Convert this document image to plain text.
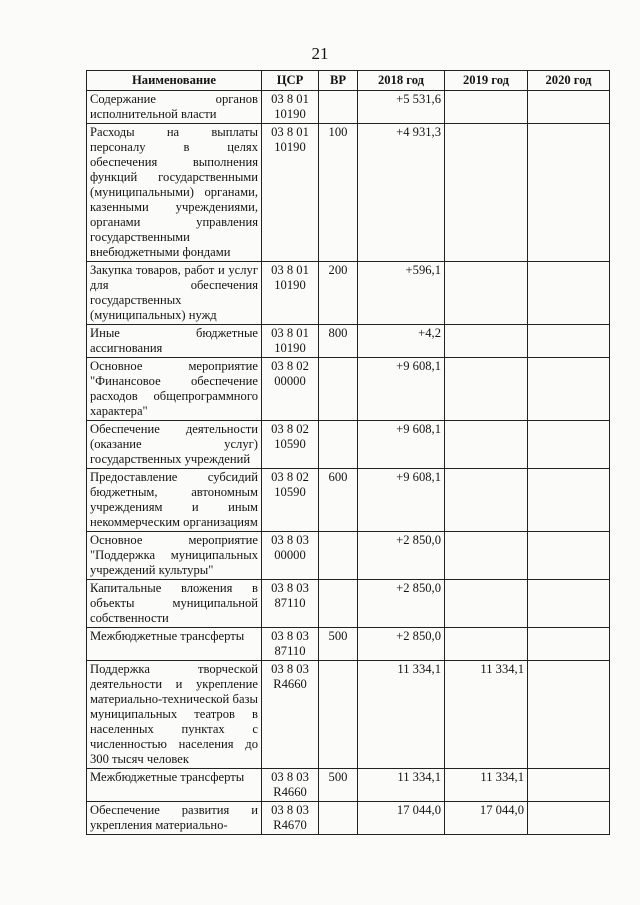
21
Наименование	ЦСР	ВР	2018 год	2019 год	2020 год
Содержание органов исполнительной власти	03 8 01 10190		+5 531,6		
Расходы на выплаты персоналу в целях обеспечения выполнения функций государственными (муниципальными) органами, казенными учреждениями, органами управления государственными внебюджетными фондами	03 8 01 10190	100	+4 931,3		
Закупка товаров, работ и услуг для обеспечения государственных (муниципальных) нужд	03 8 01 10190	200	+596,1		
Иные бюджетные ассигнования	03 8 01 10190	800	+4,2		
Основное мероприятие "Финансовое обеспечение расходов общепрограммного характера"	03 8 02 00000		+9 608,1		
Обеспечение деятельности (оказание услуг) государственных учреждений	03 8 02 10590		+9 608,1		
Предоставление субсидий бюджетным, автономным учреждениям и иным некоммерческим организациям	03 8 02 10590	600	+9 608,1		
Основное мероприятие "Поддержка муниципальных учреждений культуры"	03 8 03 00000		+2 850,0		
Капитальные вложения в объекты муниципальной собственности	03 8 03 87110		+2 850,0		
Межбюджетные трансферты	03 8 03 87110	500	+2 850,0		
Поддержка творческой деятельности и укрепление материально-технической базы муниципальных театров в населенных пунктах с численностью населения до 300 тысяч человек	03 8 03 R4660		11 334,1	11 334,1	
Межбюджетные трансферты	03 8 03 R4660	500	11 334,1	11 334,1	
Обеспечение развития и укрепления материально-	03 8 03 R4670		17 044,0	17 044,0	
